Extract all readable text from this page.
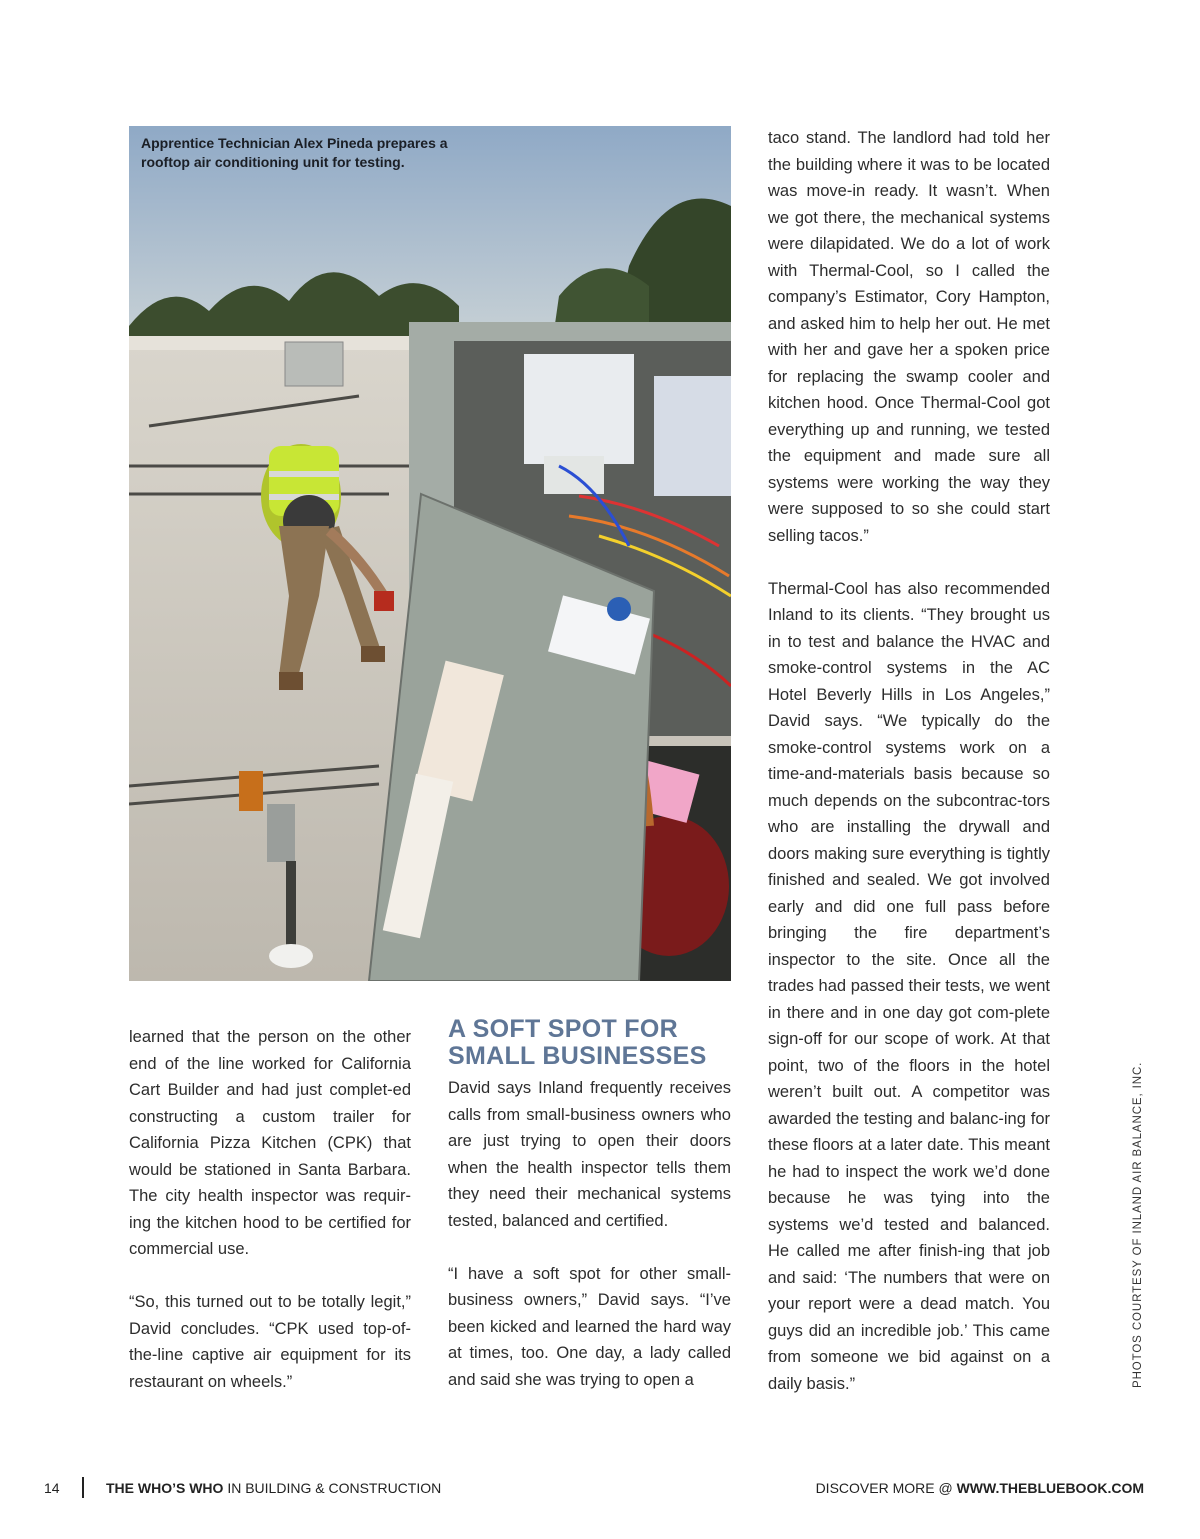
Apprentice Technician Alex Pineda prepares a rooftop air conditioning unit for testing.

learned that the person on the other end of the line worked for California Cart Builder and had just complet-ed constructing a custom trailer for California Pizza Kitchen (CPK) that would be stationed in Santa Barbara. The city health inspector was requir-ing the kitchen hood to be certified for commercial use.

“So, this turned out to be totally legit,” David concludes. “CPK used top-of-the-line captive air equipment for its restaurant on wheels.”

A SOFT SPOT FOR SMALL BUSINESSES

David says Inland frequently receives calls from small-business owners who are just trying to open their doors when the health inspector tells them they need their mechanical systems tested, balanced and certified.

“I have a soft spot for other small-business owners,” David says. “I’ve been kicked and learned the hard way at times, too. One day, a lady called and said she was trying to open a

taco stand. The landlord had told her the building where it was to be located was move-in ready. It wasn’t. When we got there, the mechanical systems were dilapidated. We do a lot of work with Thermal-Cool, so I called the company’s Estimator, Cory Hampton, and asked him to help her out. He met with her and gave her a spoken price for replacing the swamp cooler and kitchen hood. Once Thermal-Cool got everything up and running, we tested the equipment and made sure all systems were working the way they were supposed to so she could start selling tacos.”

Thermal-Cool has also recommended Inland to its clients. “They brought us in to test and balance the HVAC and smoke-control systems in the AC Hotel Beverly Hills in Los Angeles,” David says. “We typically do the smoke-control systems work on a time-and-materials basis because so much depends on the subcontrac-tors who are installing the drywall and doors making sure everything is tightly finished and sealed. We got involved early and did one full pass before bringing the fire department’s inspector to the site. Once all the trades had passed their tests, we went in there and in one day got com-plete sign-off for our scope of work. At that point, two of the floors in the hotel weren’t built out. A competitor was awarded the testing and balanc-ing for these floors at a later date. This meant he had to inspect the work we’d done because he was tying into the systems we’d tested and balanced. He called me after finish-ing that job and said: ‘The numbers that were on your report were a dead match. You guys did an incredible job.’ This came from someone we bid against on a daily basis.”	PHOTOS COURTESY OF INLAND AIR BALANCE, INC.
14	THE WHO’S WHO IN BUILDING & CONSTRUCTION	DISCOVER MORE @ WWW.THEBLUEBOOK.COM
